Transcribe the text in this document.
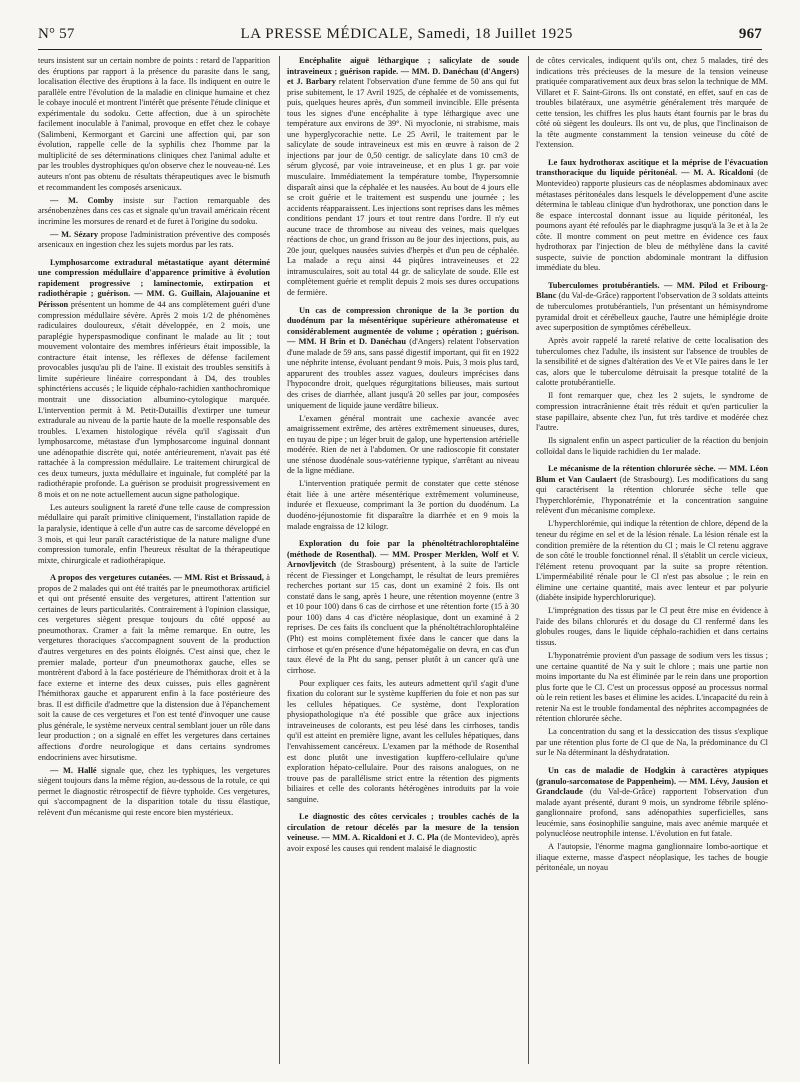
N° 57	LA PRESSE MÉDICALE, Samedi, 18 Juillet 1925	967

teurs insistent sur un certain nombre de points : retard de l'apparition des éruptions par rapport à la présence du parasite dans le sang, localisation élective des éruptions à la face. Ils indiquent en outre le parallèle entre l'évolution de la maladie en clinique humaine et chez le cobaye inoculé et montrent l'intérêt que présente l'étude clinique et expérimentale du sodoku. Cette affection, due à un spirochète facilement inoculable à l'animal, provoque en effet chez le cobaye (Salimbeni, Kermorgant et Garcini une affection qui, par son évolution, rappelle celle de la syphilis chez l'homme par la multiplicité de ses déterminations cliniques chez l'animal adulte et par les troubles dystrophiques qu'on observe chez le nouveau-né. Les auteurs n'ont pas obtenu de résultats thérapeutiques avec le bismuth et recommandent les composés arsenicaux.

— M. Comby insiste sur l'action remarquable des arsénobenzènes dans ces cas et signale qu'un travail américain récent incrimine les morsures de renard et de furet à l'origine du sodoku.

— M. Sézary propose l'administration préventive des composés arsenicaux en ingestion chez les sujets mordus par les rats.

Lymphosarcome extradural métastatique ayant déterminé une compression médullaire d'apparence primitive à évolution rapidement progressive ; laminectomie, extirpation et radiothérapie ; guérison. — MM. G. Guillain, Alajouanine et Périsson présentent un homme de 44 ans complètement guéri d'une compression médullaire sévère. Après 2 mois 1/2 de phénomènes radiculaires douloureux, s'était développée, en 2 mois, une paraplégie hyperspasmodique confinant le malade au lit ; tout mouvement volontaire des membres inférieurs était impossible, la contracture était intense, les réflexes de défense facilement provocables jusqu'au pli de l'aine. Il existait des troubles sensitifs à limite supérieure linéaire correspondant à D4, des troubles sphinctériens accusés ; le liquide céphalo-rachidien xanthochromique montrait une dissociation albumino-cytologique marquée. L'intervention permit à M. Petit-Dutaillis d'extirper une tumeur extradurale au niveau de la partie haute de la moelle responsable des troubles. L'examen histologique révéla qu'il s'agissait d'un lymphosarcome, métastase d'un lymphosarcome inguinal donnant une adénopathie discrète qui, notée antérieurement, n'avait pas été rattachée à la compression médullaire. Le traitement chirurgical de ces deux tumeurs, juxta médullaire et inguinale, fut complété par la radiothérapie profonde. La guérison se produisit progressivement en 8 mois et on ne note actuellement aucun signe pathologique.

Les auteurs soulignent la rareté d'une telle cause de compression médullaire qui paraît primitive cliniquement, l'installation rapide de la paralysie, identique à celle d'un autre cas de sarcome développé en 3 mois, et qui leur paraît caractéristique de la nature maligne d'une compression tumorale, enfin l'heureux résultat de la thérapeutique mixte, chirurgicale et radiothérapique.

A propos des vergetures cutanées. — MM. Rist et Brissaud, à propos de 2 malades qui ont été traités par le pneumothorax artificiel et qui ont présenté ensuite des vergetures, attirent l'attention sur certaines de leurs particularités. Contrairement à l'opinion classique, ces vergetures siègent presque toujours du côté opposé au pneumothorax. Cramer a fait la même remarque. En outre, les vergetures thoraciques s'accompagnent souvent de la production d'autres vergetures en des points éloignés. C'est ainsi que, chez le premier malade, porteur d'un pneumothorax gauche, elles se montrèrent d'abord à la face postérieure de l'hémithorax droit et à la face externe et interne des deux cuisses, puis elles gagnèrent l'hémithorax gauche et apparurent enfin à la face postérieure des bras. Il est difficile d'admettre que la distension due à l'épanchement soit la cause de ces vergetures et l'on est tenté d'invoquer une cause plus générale, le système nerveux central semblant jouer un rôle dans leur production ; on a signalé en effet les vergetures dans certaines affections d'ordre neurologique et dans certains syndromes endocriniens avec hirsutisme.

— M. Hallé signale que, chez les typhiques, les vergetures siègent toujours dans la même région, au-dessous de la rotule, ce qui permet le diagnostic rétrospectif de fièvre typhoïde. Ces vergetures, qui s'accompagnent de la disparition totale du tissu élastique, relèvent d'un mécanisme qui reste encore bien mystérieux.

Encéphalite aiguë léthargique ; salicylate de soude intraveineux ; guérison rapide. — MM. D. Danéchau (d'Angers) et J. Barbary relatent l'observation d'une femme de 50 ans qui fut prise subitement, le 17 Avril 1925, de céphalée et de vomissements, puis, quelques heures après, d'un sommeil invincible. Elle présenta tous les signes d'une encéphalite à type léthargique avec une température aux environs de 39°. Ni myoclonie, ni strabisme, mais une hyperglycorachie nette. Le 25 Avril, le traitement par le salicylate de soude intraveineux est mis en œuvre à raison de 2 injections par jour de 0,50 centigr. de salicylate dans 10 cm3 de sérum glycosé, par voie intraveineuse, et en plus 1 gr. par voie musculaire. Immédiatement la température tombe, l'hypersomnie disparaît ainsi que la céphalée et les nausées. Au bout de 4 jours elle se croit guérie et le traitement est suspendu une journée ; les accidents réapparaissent. Les injections sont reprises dans les mêmes conditions pendant 17 jours et tout rentre dans l'ordre. Il n'y eut aucune trace de thrombose au niveau des veines, mais quelques réactions de choc, un grand frisson au 8e jour des injections, puis, au 20e jour, quelques nausées suivies d'herpès et d'un peu de céphalée. La malade a reçu ainsi 44 piqûres intraveineuses et 22 intramusculaires, soit au total 44 gr. de salicylate de soude. Elle est complètement guérie et remplit depuis 2 mois ses dures occupations de fermière.

Un cas de compression chronique de la 3e portion du duodénum par la mésentérique supérieure athéromateuse et considérablement augmentée de volume ; opération ; guérison. — MM. H Brin et D. Danéchau (d'Angers) relatent l'observation d'une malade de 59 ans, sans passé digestif important, qui fit en 1922 une néphrite intense, évoluant pendant 9 mois. Puis, 3 mois plus tard, apparurent des troubles assez vagues, douleurs imprécises dans l'hypocondre droit, quelques régurgitations bilieuses, mais surtout des crises de diarrhée, allant jusqu'à 20 selles par jour, composées uniquement de liquide jaune verdâtre bilieux.

L'examen général montrait une cachexie avancée avec amaigrissement extrême, des artères extrêmement sinueuses, dures, en tuyau de pipe ; un léger bruit de galop, une hypertension artérielle modérée. Rien de net à l'abdomen. Or une radioscopie fit constater une sténose duodénale sous-vatérienne typique, s'arrêtant au niveau de la ligne médiane.

L'intervention pratiquée permit de constater que cette sténose était liée à une artère mésentérique extrêmement volumineuse, indurée et flexueuse, comprimant la 3e portion du duodénum. La duodéno-jéjunostomie fit disparaître la diarrhée et en 9 mois la malade engraissa de 12 kilogr.

Exploration du foie par la phénoltétrachlorophtaléine (méthode de Rosenthal). — MM. Prosper Merklen, Wolf et V. Arnovljevitch (de Strasbourg) présentent, à la suite de l'article récent de Fiessinger et Longchampt, le résultat de leurs premières recherches portant sur 15 cas, dont un examiné 2 fois. Ils ont constaté dans le sang, après 1 heure, une rétention moyenne (entre 3 et 10 pour 100) dans 6 cas de cirrhose et une rétention forte (15 à 30 pour 100) dans 4 cas d'ictère néoplasique, dont un examiné à 2 reprises. De ces faits ils concluent que la phénoltétrachlorophtaléine (Pht) est moins complètement fixée dans le cancer que dans la cirrhose et qu'en présence d'une hépatomégalie on devra, en cas d'un taux élevé de la Pht du sang, penser plutôt à un cancer qu'à une cirrhose.

Pour expliquer ces faits, les auteurs admettent qu'il s'agit d'une fixation du colorant sur le système kupfferien du foie et non pas sur les cellules hépatiques. Ce système, dont l'exploration physiopathologique n'a été possible que grâce aux injections intraveineuses de colorants, est peu lésé dans les cirrhoses, tandis qu'il est atteint en première ligne, avant les cellules hépatiques, dans l'envahissement cancéreux. L'examen par la méthode de Rosenthal est donc plutôt une investigation kupffero-cellulaire qu'une exploration hépato-cellulaire. Pour des raisons analogues, on ne trouve pas de parallélisme strict entre la rétention des pigments biliaires et celle des colorants hétérogènes introduits par la voie sanguine.

Le diagnostic des côtes cervicales ; troubles cachés de la circulation de retour décelés par la mesure de la tension veineuse. — MM. A. Ricaldoni et J. C. Pla (de Montevideo), après avoir exposé les causes qui rendent malaisé le diagnostic

de côtes cervicales, indiquent qu'ils ont, chez 5 malades, tiré des indications très précieuses de la mesure de la tension veineuse pratiquée comparativement aux deux bras selon la technique de MM. Villaret et F. Saint-Girons. Ils ont constaté, en effet, sauf en cas de troubles bilatéraux, une asymétrie généralement très marquée de cette tension, les chiffres les plus hauts étant fournis par le bras du côté où siègent les douleurs. Ils ont vu, de plus, que l'inclinaison de la tête augmente constamment la tension veineuse du côté de l'extension.

Le faux hydrothorax ascitique et la méprise de l'évacuation transthoracique du liquide péritonéal. — M. A. Ricaldoni (de Montevideo) rapporte plusieurs cas de néoplasmes abdominaux avec métastases péritonéales dans lesquels le développement d'une ascite détermina le tableau clinique d'un hydrothorax, une ponction dans le 8e espace intercostal donnant issue au liquide péritonéal, les poumons ayant été refoulés par le diaphragme jusqu'à la 3e et à la 2e côte. Il montre comment on peut mettre en évidence ces faux hydrothorax par l'injection de bleu de méthylène dans la cavité suspecte, suivie de ponction abdominale montrant la diffusion immédiate du bleu.

Tuberculomes protubérantiels. — MM. Pilod et Fribourg-Blanc (du Val-de-Grâce) rapportent l'observation de 3 soldats atteints de tuberculomes protubérantiels, l'un présentant un hémisyndrome pyramidal droit et cérébelleux gauche, l'autre une hémiplégie droite avec superposition de symptômes cérébelleux.

Après avoir rappelé la rareté relative de cette localisation des tuberculomes chez l'adulte, ils insistent sur l'absence de troubles de la sensibilité et de signes d'altération des Ve et VIe paires dans le 1er cas, alors que le tuberculome détruisait la presque totalité de la calotte protubérantielle.

Il font remarquer que, chez les 2 sujets, le syndrome de compression intracrânienne était très réduit et qu'en particulier la stase papillaire, absente chez l'un, fut très tardive et modérée chez l'autre.

Ils signalent enfin un aspect particulier de la réaction du benjoin colloïdal dans le liquide rachidien du 1er malade.

Le mécanisme de la rétention chlorurée sèche. — MM. Léon Blum et Van Caulaert (de Strasbourg). Les modifications du sang qui caractérisent la rétention chlorurée sèche telle que l'hyperchlorémie, l'hyponatrémie et la concentration sanguine relèvent d'un mécanisme complexe.

L'hyperchlorémie, qui indique la rétention de chlore, dépend de la teneur du régime en sel et de la lésion rénale. La lésion rénale est la condition première de la rétention du Cl ; mais le Cl retenu aggrave de son côté le trouble fonctionnel rénal. Il s'établit un cercle vicieux, l'élément retenu provoquant par la suite sa propre rétention. L'imperméabilité rénale pour le Cl n'est pas absolue ; le rein en élimine une certaine quantité, mais avec lenteur et par polyurie (diabète insipide hyperchlorurique).

L'imprégnation des tissus par le Cl peut être mise en évidence à l'aide des bilans chlorurés et du dosage du Cl renfermé dans les globules rouges, dans le liquide céphalo-rachidien et dans certains tissus.

L'hyponatrémie provient d'un passage de sodium vers les tissus ; une certaine quantité de Na y suit le chlore ; mais une partie non moins importante du Na est éliminée par le rein dans une proportion plus forte que le Cl. C'est un processus opposé au processus normal où le rein retient les bases et élimine les acides. L'incapacité du rein à retenir Na est le trouble fondamental des néphrites accompagnées de rétention chlorurée sèche.

La concentration du sang et la dessiccation des tissus s'explique par une rétention plus forte de Cl que de Na, la prédominance du Cl sur le Na déterminant la déshydratation.

Un cas de maladie de Hodgkin à caractères atypiques (granulo-sarcomatose de Pappenheim). — MM. Lévy, Jausion et Grandclaude (du Val-de-Grâce) rapportent l'observation d'un malade ayant présenté, durant 9 mois, un syndrome fébrile spléno-ganglionnaire profond, sans adénopathies superficielles, sans leucémie, sans éosinophilie sanguine, mais avec anémie marquée et polynucléose neutrophile intense. L'évolution en fut fatale.

A l'autopsie, l'énorme magma ganglionnaire lombo-aortique et iliaque externe, masse d'aspect néoplasique, les taches de bougie péritonéale, un noyau
